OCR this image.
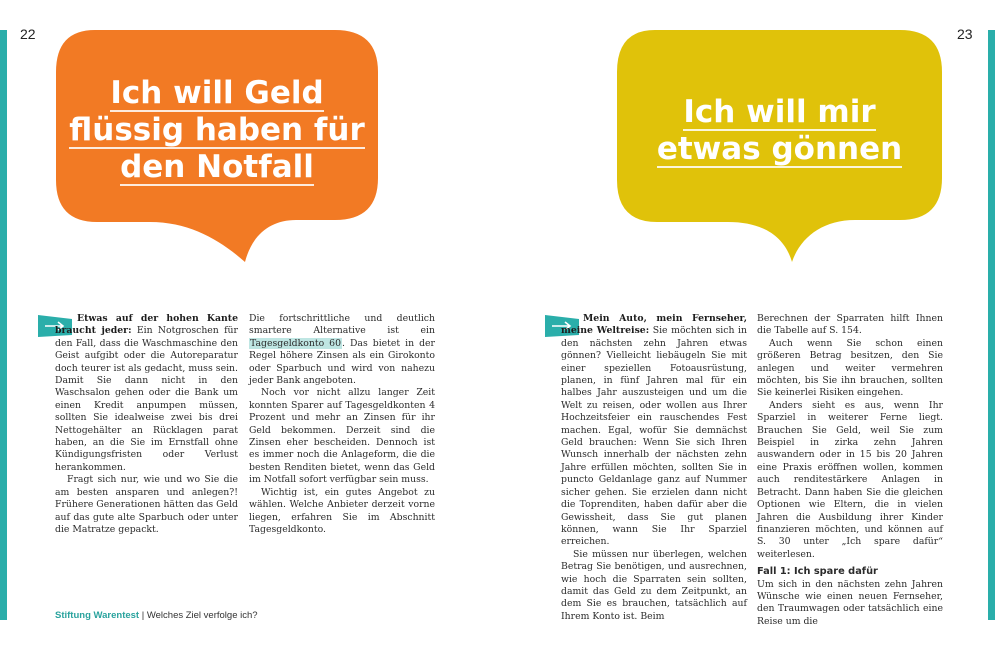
22	23
Ich will Geld
flüssig haben für
den Notfall
Ich will mir
etwas gönnen

Etwas auf der hohen Kante braucht jeder: Ein Notgroschen für den Fall, dass die Waschmaschine den Geist aufgibt oder die Autoreparatur doch teurer ist als gedacht, muss sein. Damit Sie dann nicht in den Waschsalon gehen oder die Bank um einen Kredit anpumpen müssen, sollten Sie idealweise zwei bis drei Nettogehälter an Rücklagen parat haben, an die Sie im Ernstfall ohne Kündigungsfristen oder Verlust herankommen.

Fragt sich nur, wie und wo Sie die am besten ansparen und anlegen?! Frühere Generationen hätten das Geld auf das gute alte Sparbuch oder unter die Matratze gepackt.

Die fortschrittliche und deutlich smartere Alternative ist ein Tagesgeldkonto 60. Das bietet in der Regel höhere Zinsen als ein Girokonto oder Sparbuch und wird von nahezu jeder Bank angeboten.

Noch vor nicht allzu langer Zeit konnten Sparer auf Tagesgeldkonten 4 Prozent und mehr an Zinsen für ihr Geld bekommen. Derzeit sind die Zinsen eher bescheiden. Dennoch ist es immer noch die Anlageform, die die besten Renditen bietet, wenn das Geld im Notfall sofort verfügbar sein muss.

Wichtig ist, ein gutes Angebot zu wählen. Welche Anbieter derzeit vorne liegen, erfahren Sie im Abschnitt Tagesgeldkonto.

Mein Auto, mein Fernseher, meine Weltreise: Sie möchten sich in den nächsten zehn Jahren etwas gönnen? Vielleicht liebäugeln Sie mit einer speziellen Fotoausrüstung, planen, in fünf Jahren mal für ein halbes Jahr auszusteigen und um die Welt zu reisen, oder wollen aus Ihrer Hochzeitsfeier ein rauschendes Fest machen. Egal, wofür Sie demnächst Geld brauchen: Wenn Sie sich Ihren Wunsch innerhalb der nächsten zehn Jahre erfüllen möchten, sollten Sie in puncto Geldanlage ganz auf Nummer sicher gehen. Sie erzielen dann nicht die Toprenditen, haben dafür aber die Gewissheit, dass Sie gut planen können, wann Sie Ihr Sparziel erreichen.

Sie müssen nur überlegen, welchen Betrag Sie benötigen, und ausrechnen, wie hoch die Sparraten sein sollten, damit das Geld zu dem Zeitpunkt, an dem Sie es brauchen, tatsächlich auf Ihrem Konto ist. Beim

Berechnen der Sparraten hilft Ihnen die Tabelle auf S. 154.

Auch wenn Sie schon einen größeren Betrag besitzen, den Sie anlegen und weiter vermehren möchten, bis Sie ihn brauchen, sollten Sie keinerlei Risiken eingehen.

Anders sieht es aus, wenn Ihr Sparziel in weiterer Ferne liegt. Brauchen Sie Geld, weil Sie zum Beispiel in zirka zehn Jahren auswandern oder in 15 bis 20 Jahren eine Praxis eröffnen wollen, kommen auch renditestärkere Anlagen in Betracht. Dann haben Sie die gleichen Optionen wie Eltern, die in vielen Jahren die Ausbildung ihrer Kinder finanzieren möchten, und können auf S. 30 unter „Ich spare dafür“ weiterlesen.

Fall 1: Ich spare dafür

Um sich in den nächsten zehn Jahren Wünsche wie einen neuen Fernseher, den Traumwagen oder tatsächlich eine Reise um die

Stiftung Warentest | Welches Ziel verfolge ich?
